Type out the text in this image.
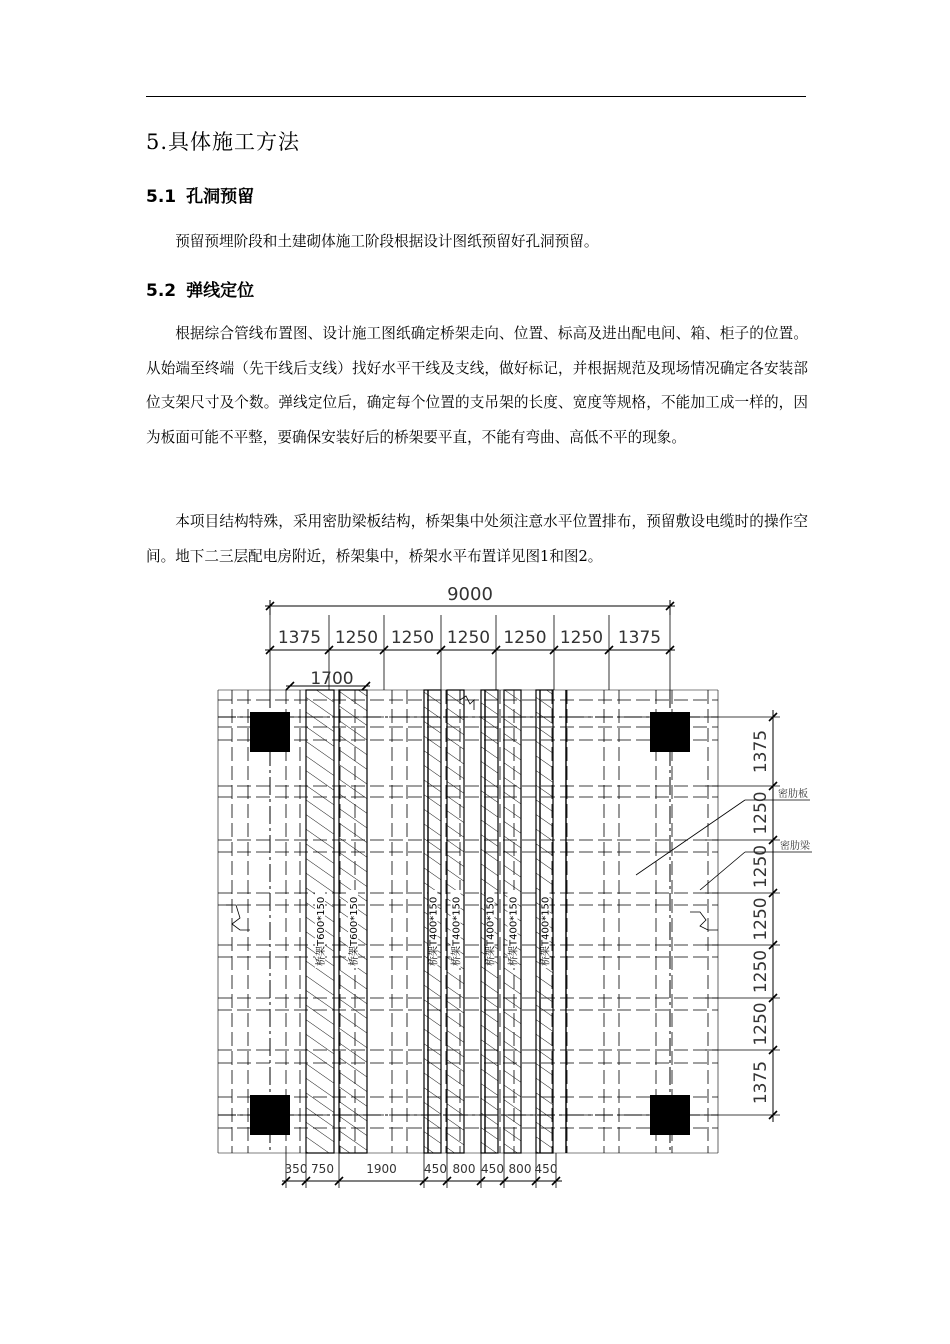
5.具体施工方法
5.1 孔洞预留

预留预埋阶段和土建砌体施工阶段根据设计图纸预留好孔洞预留。

5.2 弹线定位

根据综合管线布置图、设计施工图纸确定桥架走向、位置、标高及进出配电间、箱、柜子的位置。从始端至终端（先干线后支线）找好水平干线及支线，做好标记，并根据规范及现场情况确定各安装部位支架尺寸及个数。弹线定位后，确定每个位置的支吊架的长度、宽度等规格，不能加工成一样的，因为板面可能不平整，要确保安装好后的桥架要平直，不能有弯曲、高低不平的现象。

本项目结构特殊，采用密肋梁板结构，桥架集中处须注意水平位置排布，预留敷设电缆时的操作空间。地下二三层配电房附近，桥架集中，桥架水平布置详见图1和图2。

桥架T600*150 桥架T600*150	桥架T400*150 桥架T400*150 桥架T400*150 桥架T400*150 桥架T400*150
9000
1375 1250 1250 1250 1250 1250 1375
1700
1375
1250
1250
1250
1250
1250
1375
密肋板
密肋梁
350 750	1900 450 800 450 800 450
